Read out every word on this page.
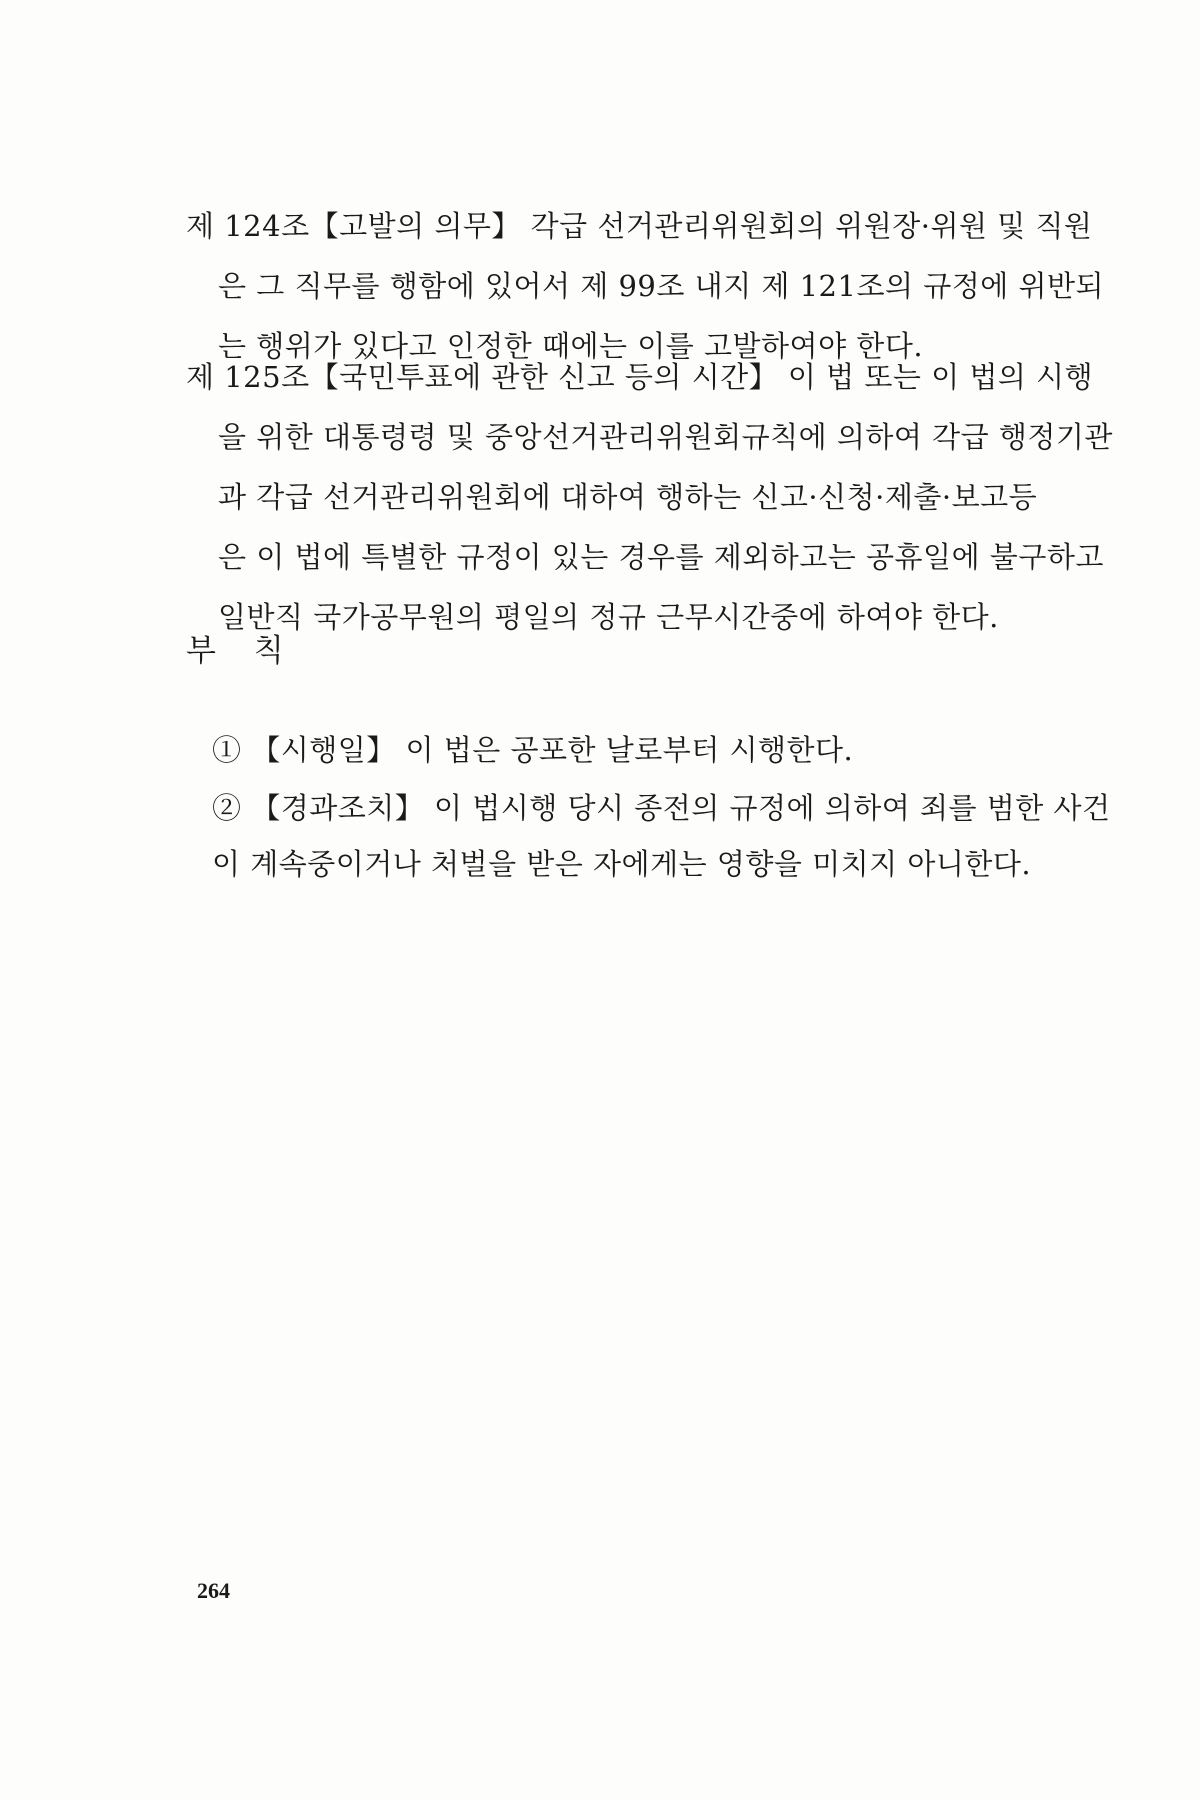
제 124조【고발의 의무】 각급 선거관리위원회의 위원장·위원 및 직원
은 그 직무를 행함에 있어서 제 99조 내지 제 121조의 규정에 위반되
는 행위가 있다고 인정한 때에는 이를 고발하여야 한다.
제 125조【국민투표에 관한 신고 등의 시간】 이 법 또는 이 법의 시행
을 위한 대통령령 및 중앙선거관리위원회규칙에 의하여 각급 행정기관
과 각급 선거관리위원회에 대하여 행하는 신고·신청·제출·보고등
은 이 법에 특별한 규정이 있는 경우를 제외하고는 공휴일에 불구하고
일반직 국가공무원의 평일의 정규 근무시간중에 하여야 한다.
부 칙
① 【시행일】 이 법은 공포한 날로부터 시행한다.
② 【경과조치】 이 법시행 당시 종전의 규정에 의하여 죄를 범한 사건
이 계속중이거나 처벌을 받은 자에게는 영향을 미치지 아니한다.
264
